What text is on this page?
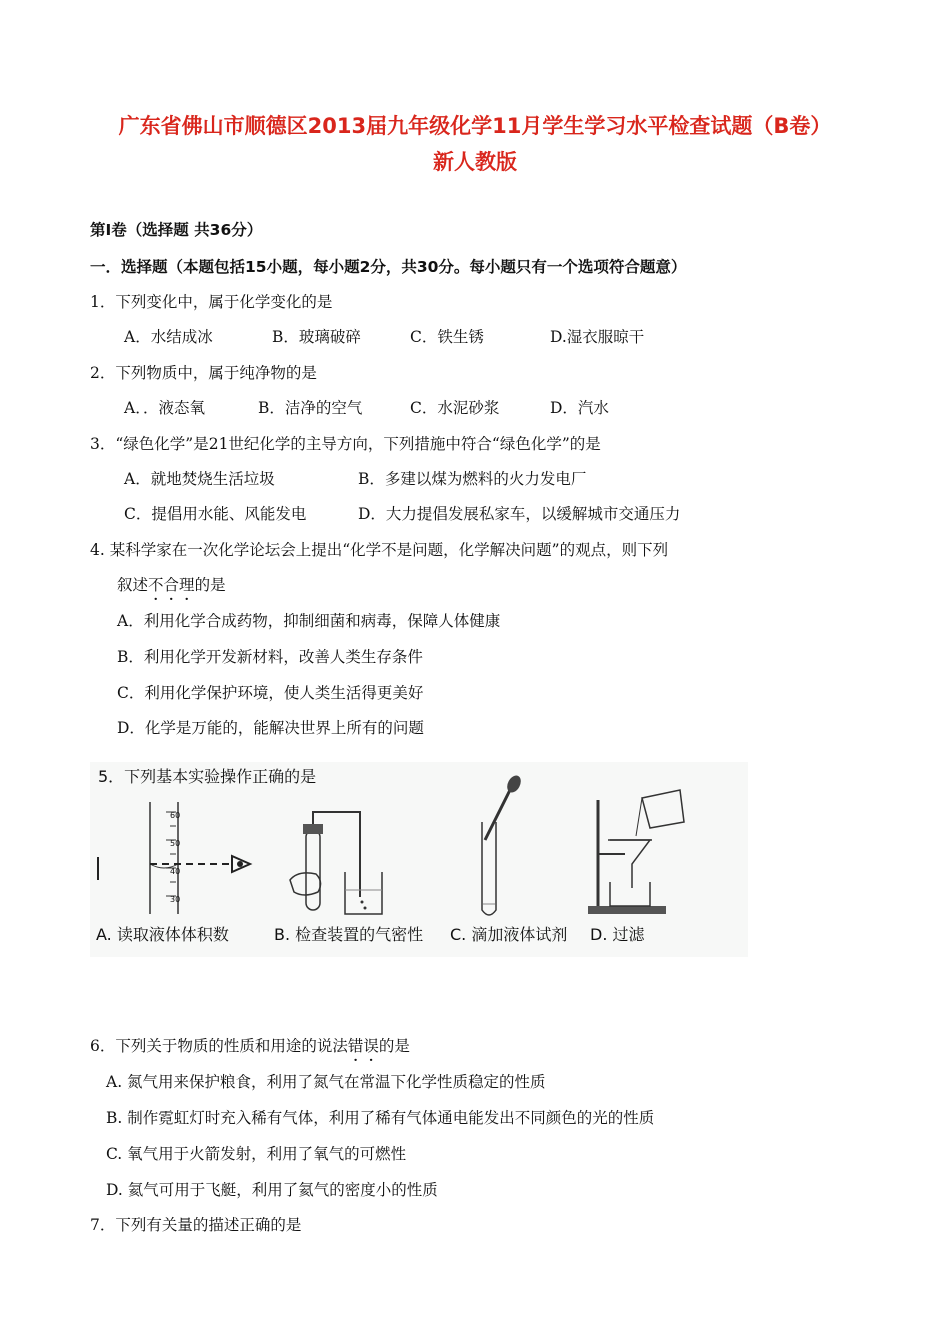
广东省佛山市顺德区2013届九年级化学11月学生学习水平检查试题（B卷）
新人教版
第Ⅰ卷（选择题 共36分）
一．选择题（本题包括15小题，每小题2分，共30分。每小题只有一个选项符合题意）
1．下列变化中，属于化学变化的是
A．水结成冰	B．玻璃破碎	C．铁生锈	D.湿衣服晾干
2．下列物质中，属于纯净物的是
A．．液态氧	B．洁净的空气	C．水泥砂浆	D．汽水
3．“绿色化学”是21世纪化学的主导方向，下列措施中符合“绿色化学”的是
A．就地焚烧生活垃圾	B．多建以煤为燃料的火力发电厂
C．提倡用水能、风能发电	D．大力提倡发展私家车，以缓解城市交通压力
4. 某科学家在一次化学论坛会上提出“化学不是问题，化学解决问题”的观点，则下列
叙述不合理的是
A．利用化学合成药物，抑制细菌和病毒，保障人体健康
B．利用化学开发新材料，改善人类生存条件
C．利用化学保护环境，使人类生活得更美好
D．化学是万能的，能解决世界上所有的问题
5．下列基本实验操作正确的是
A. 读取液体体积数	B. 检查装置的气密性 C. 滴加液体试剂 D. 过滤
60
50
40
30
6．下列关于物质的性质和用途的说法错误的是
A. 氮气用来保护粮食，利用了氮气在常温下化学性质稳定的性质
B. 制作霓虹灯时充入稀有气体，利用了稀有气体通电能发出不同颜色的光的性质
C. 氧气用于火箭发射，利用了氧气的可燃性
D. 氦气可用于飞艇，利用了氦气的密度小的性质
7．下列有关量的描述正确的是
